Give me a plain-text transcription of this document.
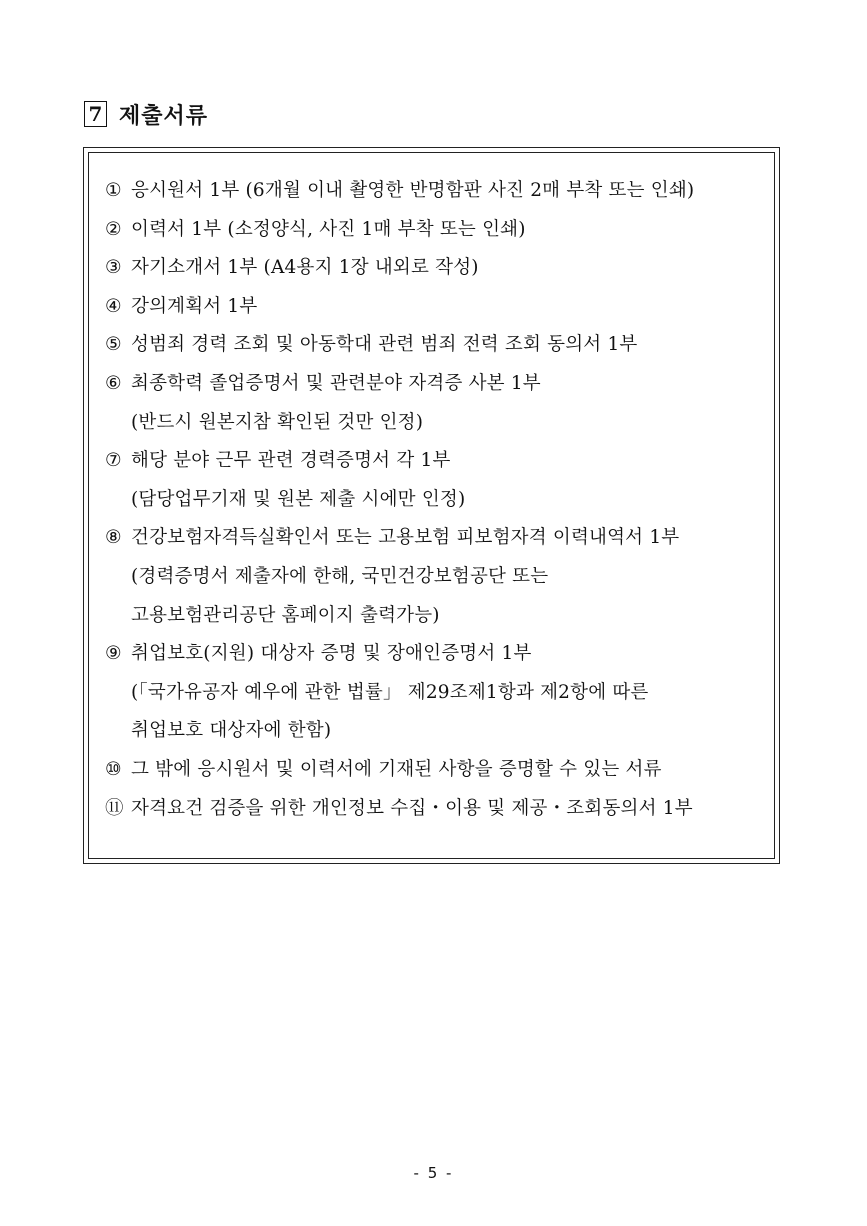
7 제출서류
① 응시원서 1부 (6개월 이내 촬영한 반명함판 사진 2매 부착 또는 인쇄)
② 이력서 1부 (소정양식, 사진 1매 부착 또는 인쇄)
③ 자기소개서 1부 (A4용지 1장 내외로 작성)
④ 강의계획서 1부
⑤ 성범죄 경력 조회 및 아동학대 관련 범죄 전력 조회 동의서 1부
⑥ 최종학력 졸업증명서 및 관련분야 자격증 사본 1부
(반드시 원본지참 확인된 것만 인정)
⑦ 해당 분야 근무 관련 경력증명서 각 1부
(담당업무기재 및 원본 제출 시에만 인정)
⑧ 건강보험자격득실확인서 또는 고용보험 피보험자격 이력내역서 1부
(경력증명서 제출자에 한해, 국민건강보험공단 또는
고용보험관리공단 홈페이지 출력가능)
⑨ 취업보호(지원) 대상자 증명 및 장애인증명서 1부
(「국가유공자 예우에 관한 법률」 제29조제1항과 제2항에 따른
취업보호 대상자에 한함)
⑩ 그 밖에 응시원서 및 이력서에 기재된 사항을 증명할 수 있는 서류
⑪ 자격요건 검증을 위한 개인정보 수집・이용 및 제공・조회동의서 1부
- 5 -
